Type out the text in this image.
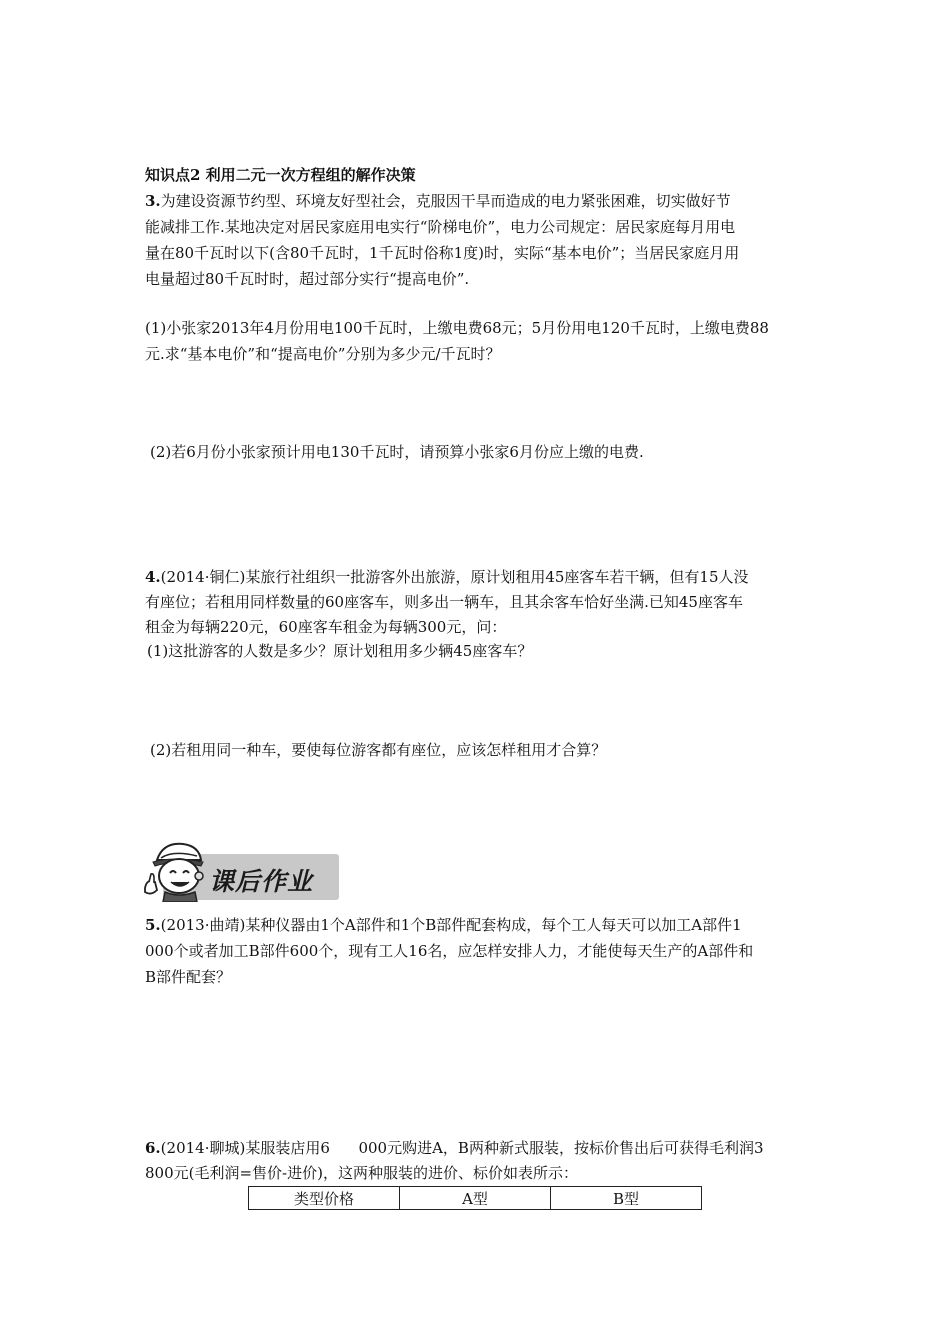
知识点2 利用二元一次方程组的解作决策
3.为建设资源节约型、环境友好型社会，克服因干旱而造成的电力紧张困难，切实做好节
能减排工作.某地决定对居民家庭用电实行“阶梯电价”，电力公司规定：居民家庭每月用电
量在80千瓦时以下(含80千瓦时，1千瓦时俗称1度)时，实际“基本电价”；当居民家庭月用
电量超过80千瓦时时，超过部分实行“提高电价”.
(1)小张家2013年4月份用电100千瓦时，上缴电费68元；5月份用电120千瓦时，上缴电费88
元.求“基本电价”和“提高电价”分别为多少元/千瓦时？
(2)若6月份小张家预计用电130千瓦时，请预算小张家6月份应上缴的电费.
4.(2014·铜仁)某旅行社组织一批游客外出旅游，原计划租用45座客车若干辆，但有15人没
有座位；若租用同样数量的60座客车，则多出一辆车，且其余客车恰好坐满.已知45座客车
租金为每辆220元，60座客车租金为每辆300元，问：
(1)这批游客的人数是多少？原计划租用多少辆45座客车？
(2)若租用同一种车，要使每位游客都有座位，应该怎样租用才合算？
课后作业
5.(2013·曲靖)某种仪器由1个A部件和1个B部件配套构成，每个工人每天可以加工A部件1
000个或者加工B部件600个，现有工人16名，应怎样安排人力，才能使每天生产的A部件和
B部件配套？
6.(2014·聊城)某服装店用6      000元购进A，B两种新式服装，按标价售出后可获得毛利润3
800元(毛利润=售价-进价)，这两种服装的进价、标价如表所示：
类型价格	A型	B型
